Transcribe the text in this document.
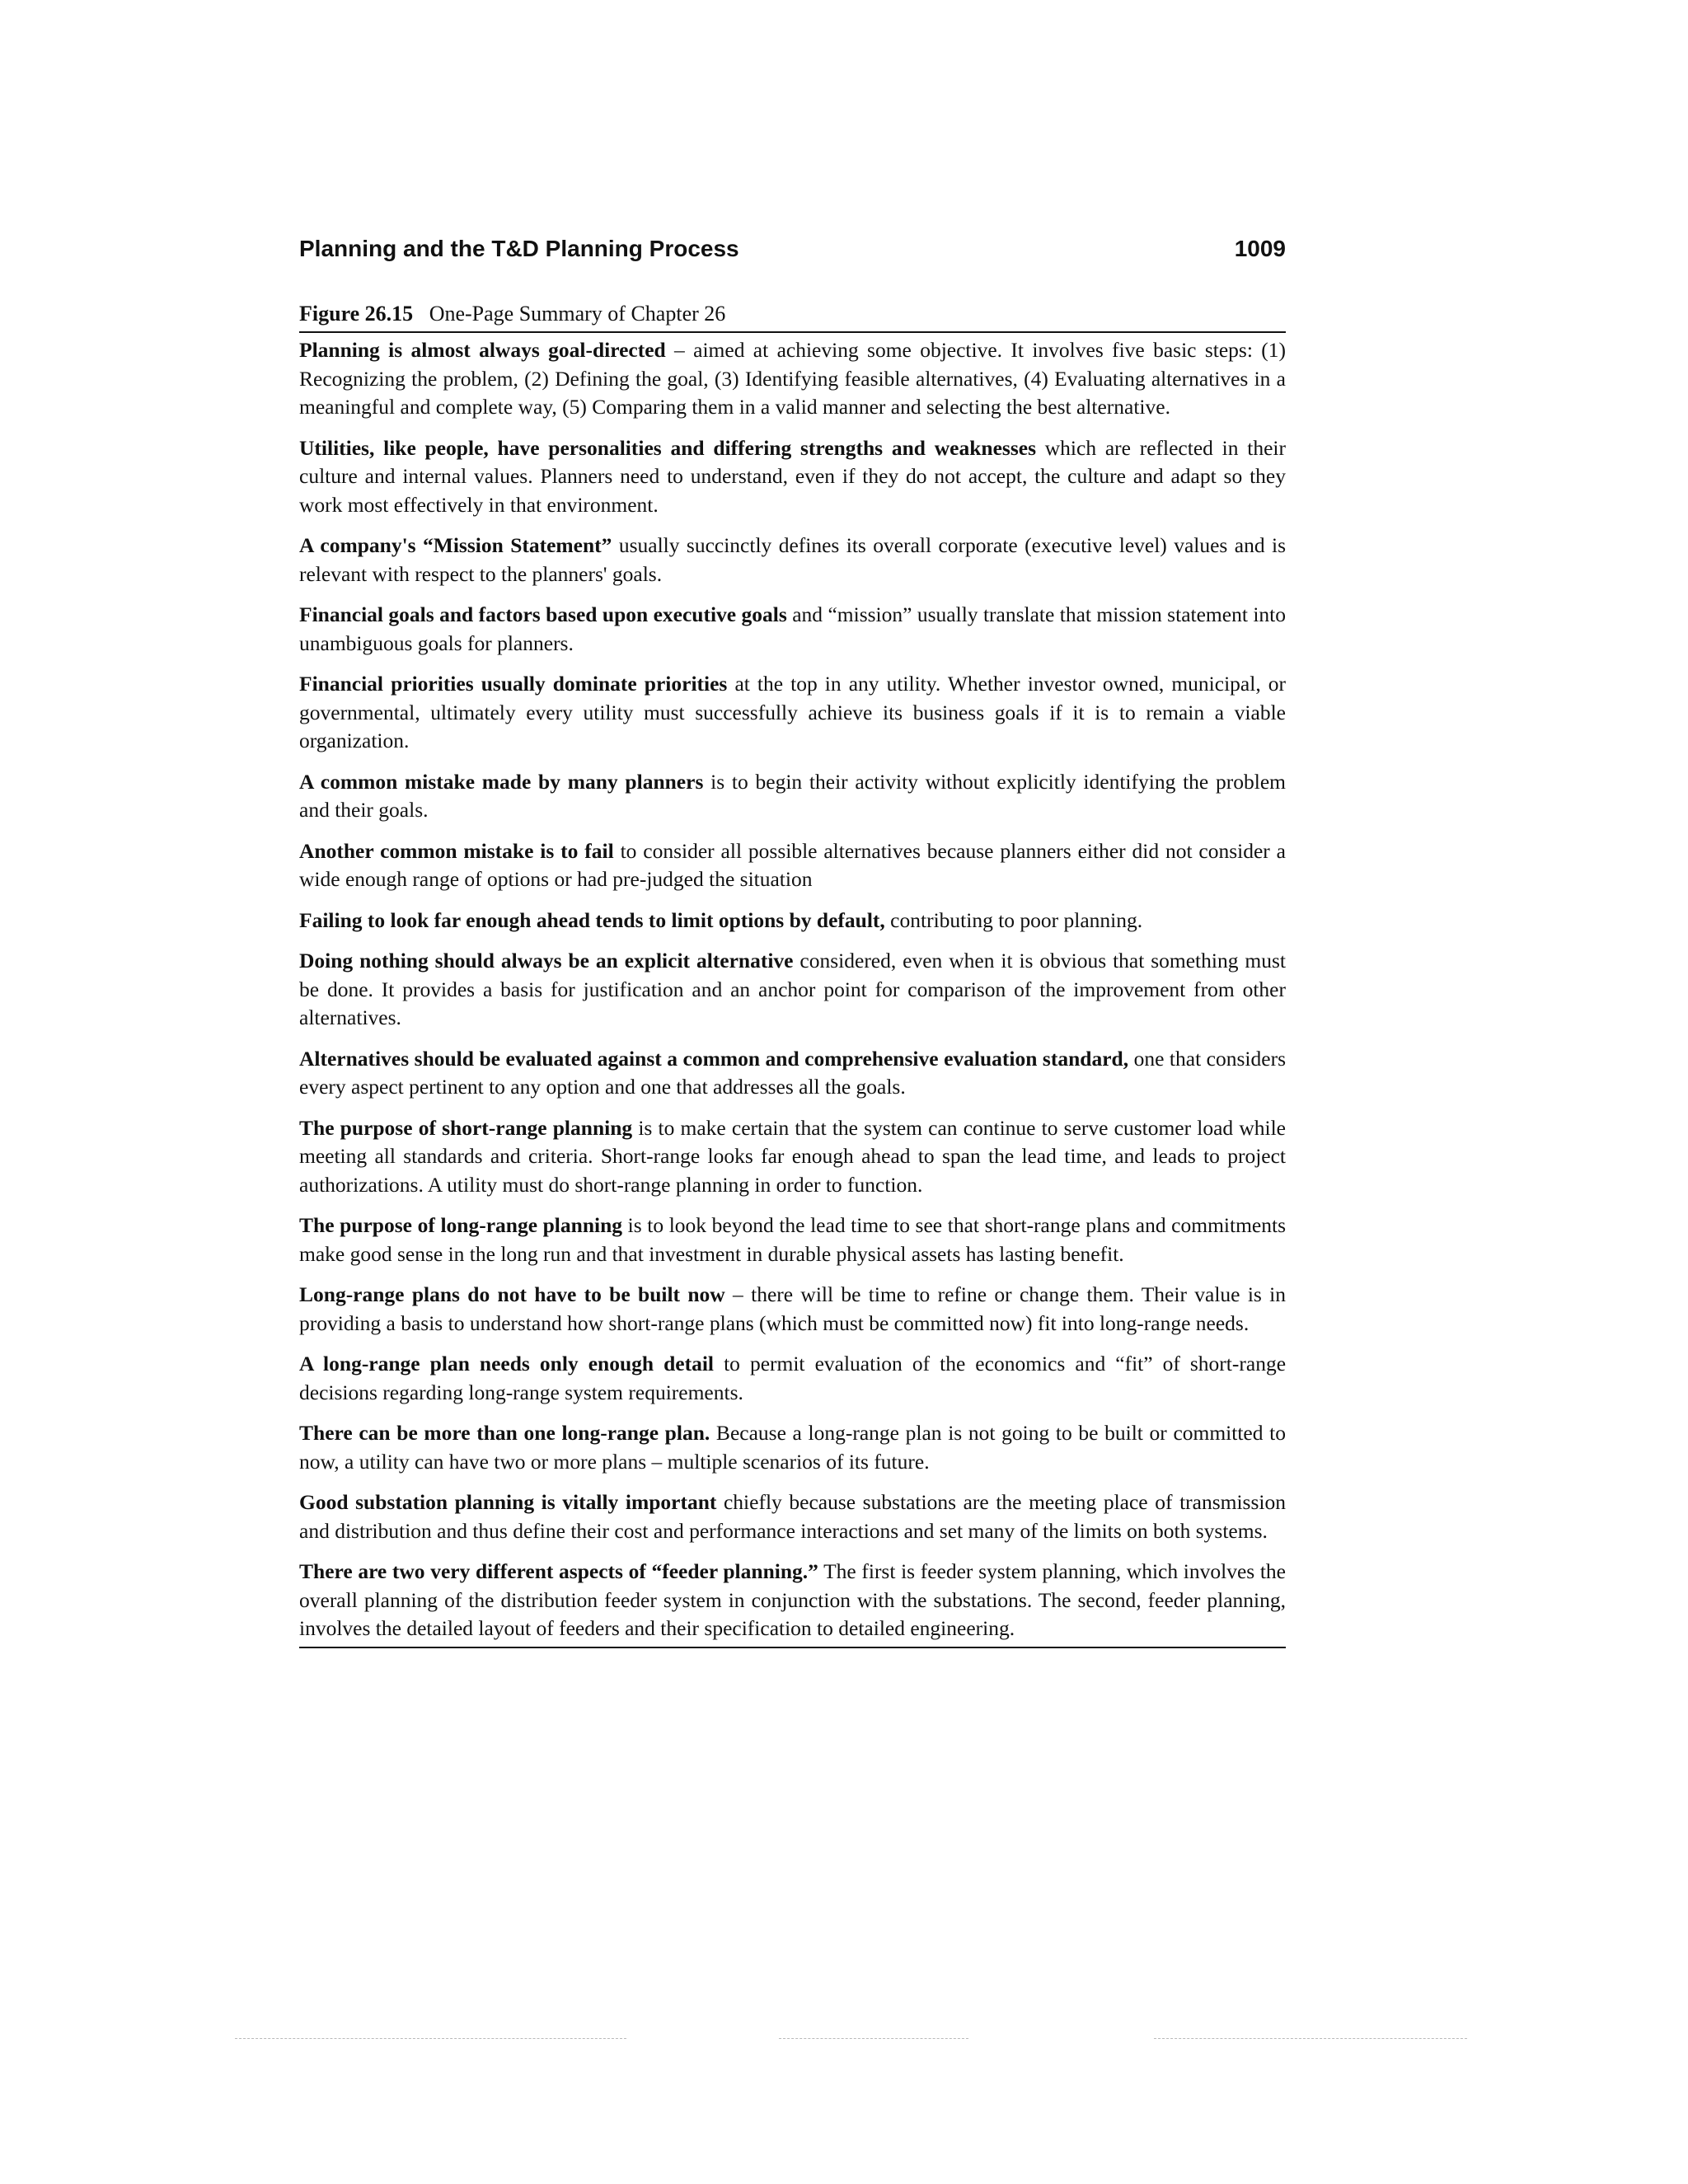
Planning and the T&D Planning Process	1009
Figure 26.15 One-Page Summary of Chapter 26

Planning is almost always goal-directed – aimed at achieving some objective. It involves five basic steps: (1) Recognizing the problem, (2) Defining the goal, (3) Identifying feasible alternatives, (4) Evaluating alternatives in a meaningful and complete way, (5) Comparing them in a valid manner and selecting the best alternative.

Utilities, like people, have personalities and differing strengths and weaknesses which are reflected in their culture and internal values. Planners need to understand, even if they do not accept, the culture and adapt so they work most effectively in that environment.

A company's “Mission Statement” usually succinctly defines its overall corporate (executive level) values and is relevant with respect to the planners' goals.

Financial goals and factors based upon executive goals and “mission” usually translate that mission statement into unambiguous goals for planners.

Financial priorities usually dominate priorities at the top in any utility. Whether investor owned, municipal, or governmental, ultimately every utility must successfully achieve its business goals if it is to remain a viable organization.

A common mistake made by many planners is to begin their activity without explicitly identifying the problem and their goals.

Another common mistake is to fail to consider all possible alternatives because planners either did not consider a wide enough range of options or had pre-judged the situation

Failing to look far enough ahead tends to limit options by default, contributing to poor planning.

Doing nothing should always be an explicit alternative considered, even when it is obvious that something must be done. It provides a basis for justification and an anchor point for comparison of the improvement from other alternatives.

Alternatives should be evaluated against a common and comprehensive evaluation standard, one that considers every aspect pertinent to any option and one that addresses all the goals.

The purpose of short-range planning is to make certain that the system can continue to serve customer load while meeting all standards and criteria. Short-range looks far enough ahead to span the lead time, and leads to project authorizations. A utility must do short-range planning in order to function.

The purpose of long-range planning is to look beyond the lead time to see that short-range plans and commitments make good sense in the long run and that investment in durable physical assets has lasting benefit.

Long-range plans do not have to be built now – there will be time to refine or change them. Their value is in providing a basis to understand how short-range plans (which must be committed now) fit into long-range needs.

A long-range plan needs only enough detail to permit evaluation of the economics and “fit” of short-range decisions regarding long-range system requirements.

There can be more than one long-range plan. Because a long-range plan is not going to be built or committed to now, a utility can have two or more plans – multiple scenarios of its future.

Good substation planning is vitally important chiefly because substations are the meeting place of transmission and distribution and thus define their cost and performance interactions and set many of the limits on both systems.

There are two very different aspects of “feeder planning.” The first is feeder system planning, which involves the overall planning of the distribution feeder system in conjunction with the substations. The second, feeder planning, involves the detailed layout of feeders and their specification to detailed engineering.
